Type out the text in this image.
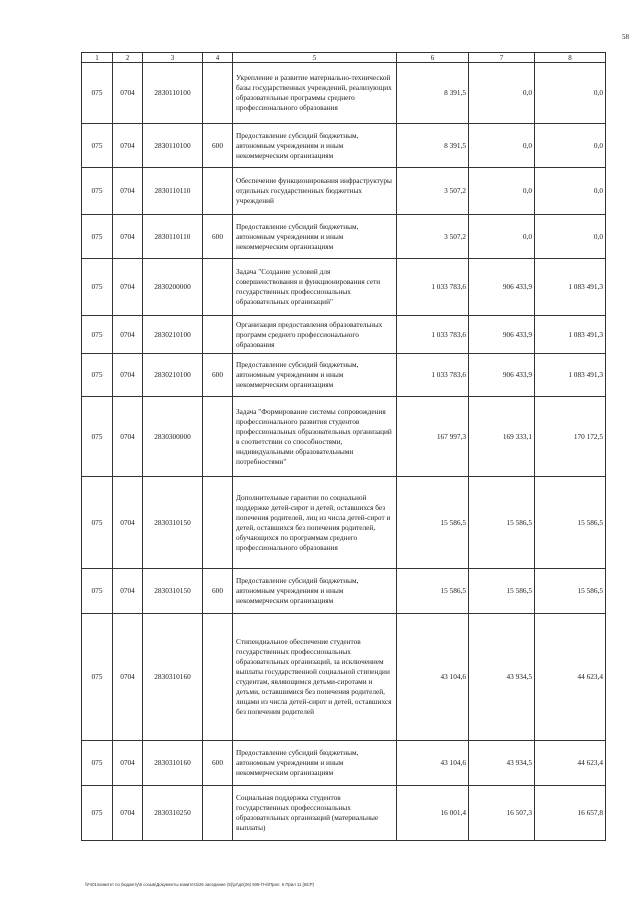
58
1	2	3	4	5	6	7	8
075	0704	2830110100		Укрепление и развитие материально-технической базы государственных учреждений, реализующих образовательные программы среднего профессионального образования	8 391,5	0,0	0,0
075	0704	2830110100	600	Предоставление субсидий бюджетным, автономным учреждениям и иным некоммерческим организациям	8 391,5	0,0	0,0
075	0704	2830110110		Обеспечение функционирования инфраструктуры отдельных государственных бюджетных учреждений	3 507,2	0,0	0,0
075	0704	2830110110	600	Предоставление субсидий бюджетным, автономным учреждениям и иным некоммерческим организациям	3 507,2	0,0	0,0
075	0704	2830200000		Задача "Создание условий для совершенствования и функционирования сети государственных профессиональных образовательных организаций"	1 033 783,6	906 433,9	1 083 491,3
075	0704	2830210100		Организация предоставления образовательных программ среднего профессионального образования	1 033 783,6	906 433,9	1 083 491,3
075	0704	2830210100	600	Предоставление субсидий бюджетным, автономным учреждениям и иным некоммерческим организациям	1 033 783,6	906 433,9	1 083 491,3
075	0704	2830300000		Задача "Формирование системы сопровождения профессионального развития студентов профессиональных образовательных организаций в соответствии со способностями, индивидуальными образовательными потребностями"	167 997,3	169 333,1	170 172,5
075	0704	2830310150		Дополнительные гарантии по социальной поддержке детей-сирот и детей, оставшихся без попечения родителей, лиц из числа детей-сирот и детей, оставшихся без попечения родителей, обучающихся по программам среднего профессионального образования	15 586,5	15 586,5	15 586,5
075	0704	2830310150	600	Предоставление субсидий бюджетным, автономным учреждениям и иным некоммерческим организациям	15 586,5	15 586,5	15 586,5
075	0704	2830310160		Стипендиальное обеспечение студентов государственных профессиональных образовательных организаций, за исключением выплаты государственной социальной стипендии студентам, являющимся детьми-сиротами и детьми, оставшимися без попечения родителей, лицами из числа детей-сирот и детей, оставшихся без попечения родителей	43 104,6	43 934,5	44 623,4
075	0704	2830310160	600	Предоставление субсидий бюджетным, автономным учреждениям и иным некоммерческим организациям	43 104,6	43 934,5	44 623,4
075	0704	2830310250		Социальная поддержка студентов государственных профессиональных образовательных организаций (материальные выплаты)	16 001,4	16 507,3	16 657,8
\\Fs01\комитет по бюджету\6 созыв\Документы комитета\26 заседание (5)\рг\дп(26) 508-П-6\Прил. 6 Прил 11 (ВСР)
